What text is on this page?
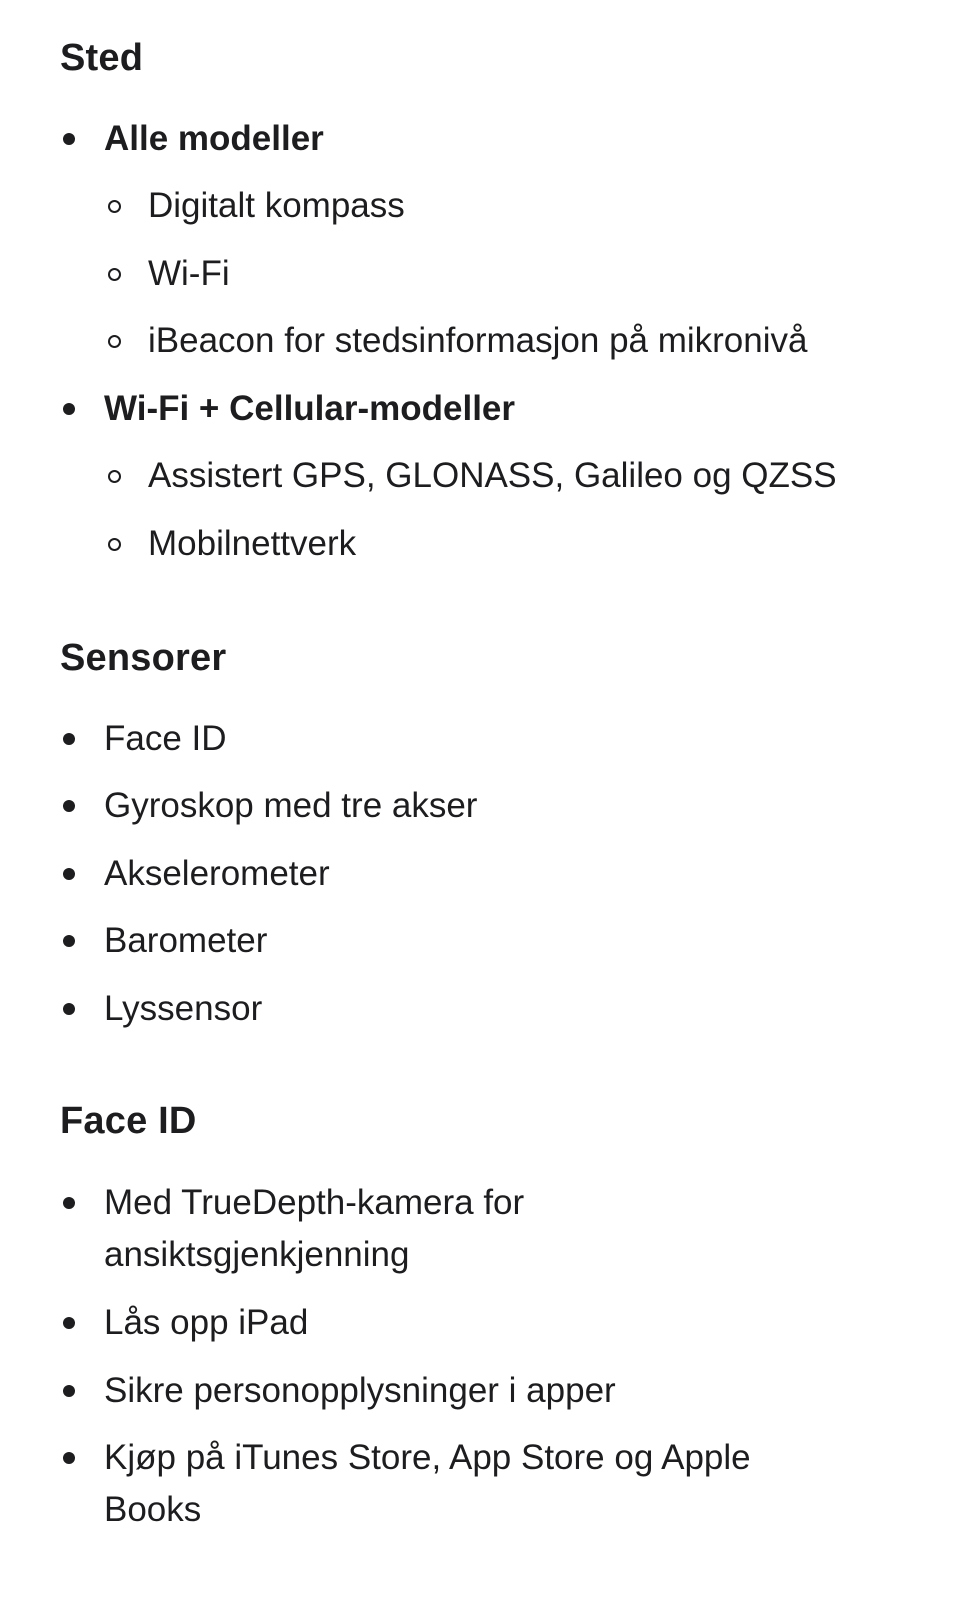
Sted
Alle modeller
Digitalt kompass
Wi-Fi
iBeacon for stedsinformasjon på mikronivå
Wi-Fi + Cellular-modeller
Assistert GPS, GLONASS, Galileo og QZSS
Mobilnettverk
Sensorer
Face ID
Gyroskop med tre akser
Akselerometer
Barometer
Lyssensor
Face ID
Med TrueDepth-kamera for ansiktsgjenkjenning
Lås opp iPad
Sikre personopplysninger i apper
Kjøp på iTunes Store, App Store og Apple Books
